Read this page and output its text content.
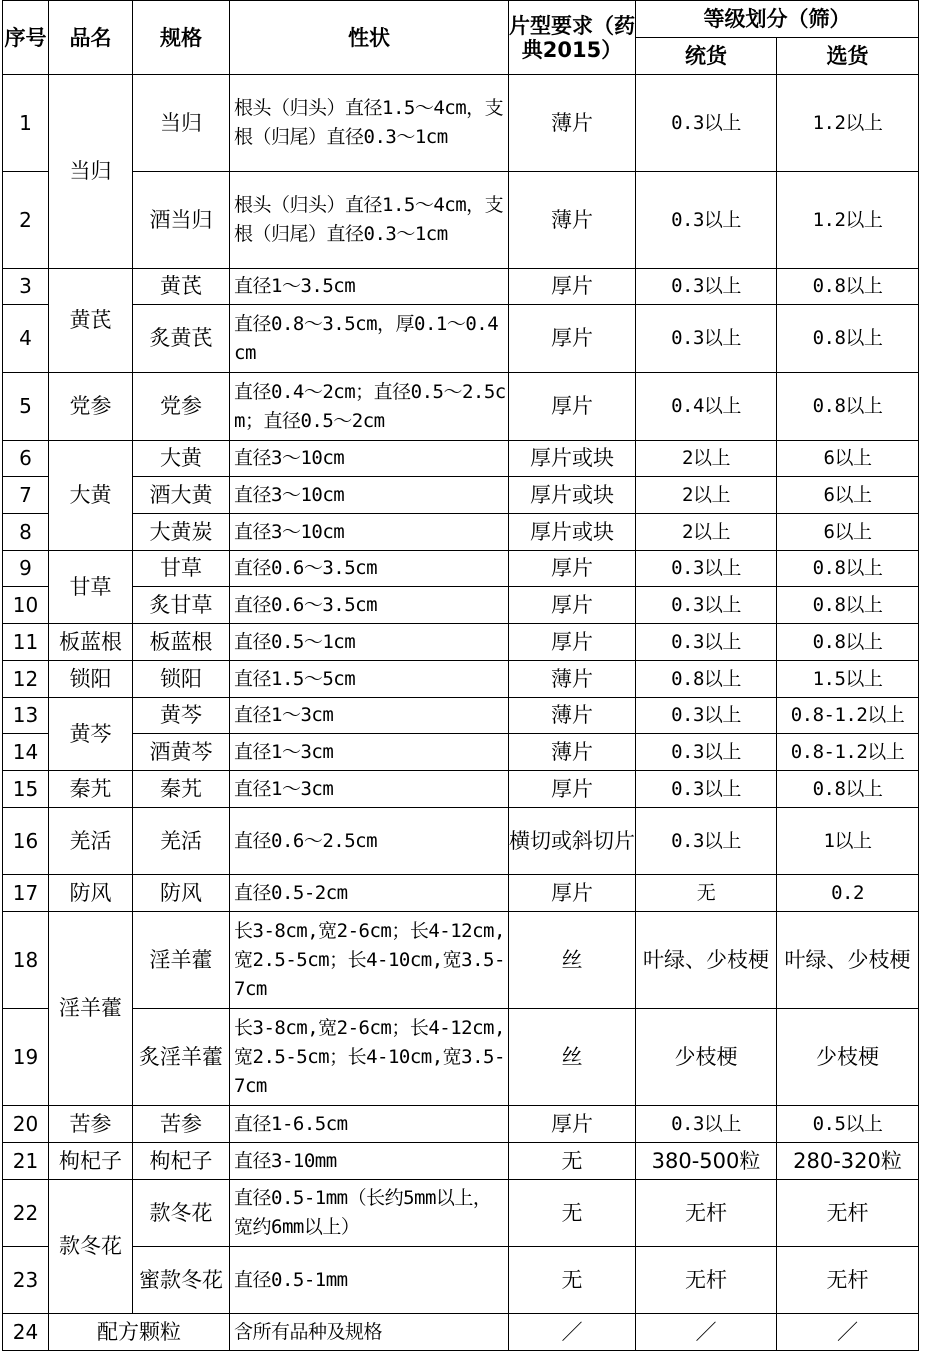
序号	品名	规格	性状	片型要求（药典2015）	等级划分（筛）	
					统货	选货
1	当归	当归	根头（归头）直径1.5～4cm，支根（归尾）直径0.3～1cm	薄片	0.3以上	1.2以上
2		酒当归	根头（归头）直径1.5～4cm，支根（归尾）直径0.3～1cm	薄片	0.3以上	1.2以上
3	黄芪	黄芪	直径1～3.5cm	厚片	0.3以上	0.8以上
4		炙黄芪	直径0.8～3.5cm，厚0.1～0.4cm	厚片	0.3以上	0.8以上
5	党参	党参	直径0.4～2cm；直径0.5～2.5cm；直径0.5～2cm	厚片	0.4以上	0.8以上
6	大黄	大黄	直径3～10cm	厚片或块	2以上	6以上
7		酒大黄	直径3～10cm	厚片或块	2以上	6以上
8		大黄炭	直径3～10cm	厚片或块	2以上	6以上
9	甘草	甘草	直径0.6～3.5cm	厚片	0.3以上	0.8以上
10		炙甘草	直径0.6～3.5cm	厚片	0.3以上	0.8以上
11	板蓝根	板蓝根	直径0.5～1cm	厚片	0.3以上	0.8以上
12	锁阳	锁阳	直径1.5～5cm	薄片	0.8以上	1.5以上
13	黄芩	黄芩	直径1～3cm	薄片	0.3以上	0.8-1.2以上
14		酒黄芩	直径1～3cm	薄片	0.3以上	0.8-1.2以上
15	秦艽	秦艽	直径1～3cm	厚片	0.3以上	0.8以上
16	羌活	羌活	直径0.6～2.5cm	横切或斜切片	0.3以上	1以上
17	防风	防风	直径0.5-2cm	厚片	无	0.2
18	淫羊藿	淫羊藿	长3-8cm,宽2-6cm；长4-12cm,宽2.5-5cm；长4-10cm,宽3.5-7cm	丝	叶绿、少枝梗	叶绿、少枝梗
19		炙淫羊藿	长3-8cm,宽2-6cm；长4-12cm,宽2.5-5cm；长4-10cm,宽3.5-7cm	丝	少枝梗	少枝梗
20	苦参	苦参	直径1-6.5cm	厚片	0.3以上	0.5以上
21	枸杞子	枸杞子	直径3-10mm	无	380-500粒	280-320粒
22	款冬花	款冬花	直径0.5-1mm（长约5mm以上，宽约6mm以上）	无	无杆	无杆
23		蜜款冬花	直径0.5-1mm	无	无杆	无杆
24	配方颗粒		含所有品种及规格	／	／	／
